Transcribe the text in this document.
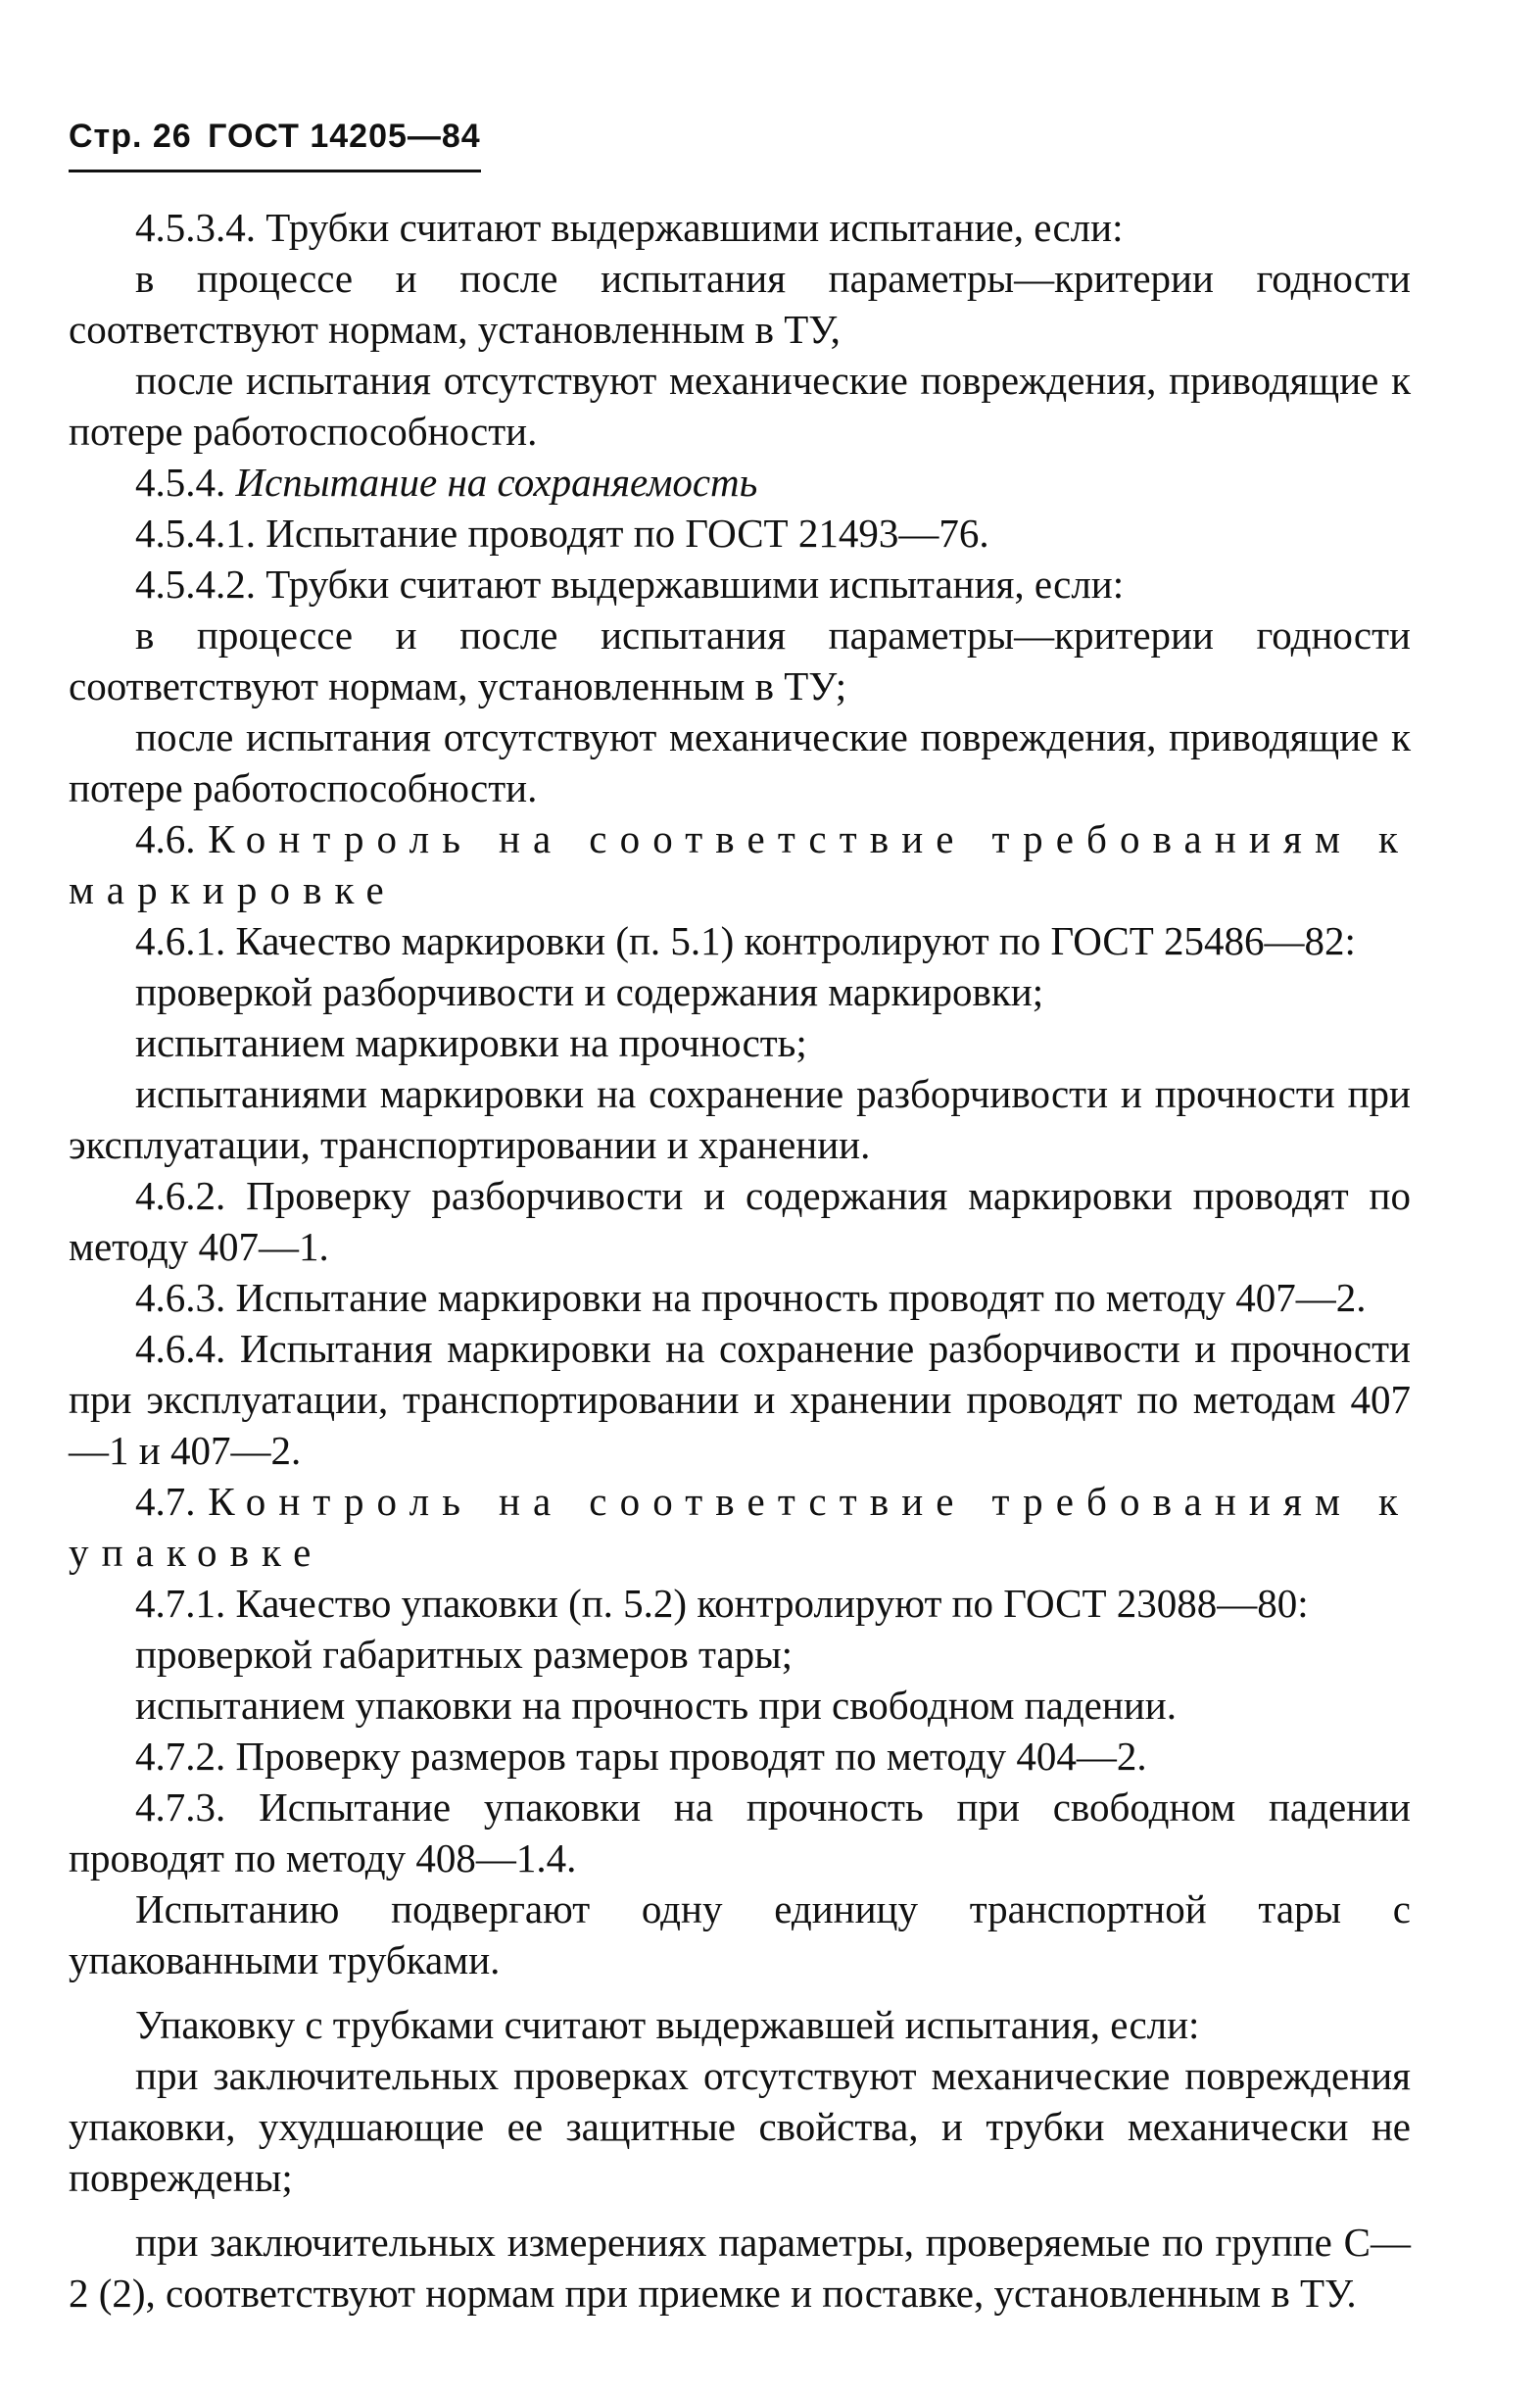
Стр. 26 ГОСТ 14205—84

4.5.3.4. Трубки считают выдержавшими испытание, если:

в процессе и после испытания параметры—критерии годности соответствуют нормам, установленным в ТУ,

после испытания отсутствуют механические повреждения, приводящие к потере работоспособности.

4.5.4. Испытание на сохраняемость

4.5.4.1. Испытание проводят по ГОСТ 21493—76.

4.5.4.2. Трубки считают выдержавшими испытания, если:

в процессе и после испытания параметры—критерии годности соответствуют нормам, установленным в ТУ;

после испытания отсутствуют механические повреждения, приводящие к потере работоспособности.

4.6. Контроль на соответствие требованиям к маркировке

4.6.1. Качество маркировки (п. 5.1) контролируют по ГОСТ 25486—82:

проверкой разборчивости и содержания маркировки;

испытанием маркировки на прочность;

испытаниями маркировки на сохранение разборчивости и прочности при эксплуатации, транспортировании и хранении.

4.6.2. Проверку разборчивости и содержания маркировки проводят по методу 407—1.

4.6.3. Испытание маркировки на прочность проводят по методу 407—2.

4.6.4. Испытания маркировки на сохранение разборчивости и прочности при эксплуатации, транспортировании и хранении проводят по методам 407—1 и 407—2.

4.7. Контроль на соответствие требованиям к упаковке

4.7.1. Качество упаковки (п. 5.2) контролируют по ГОСТ 23088—80:

проверкой габаритных размеров тары;

испытанием упаковки на прочность при свободном падении.

4.7.2. Проверку размеров тары проводят по методу 404—2.

4.7.3. Испытание упаковки на прочность при свободном падении проводят по методу 408—1.4.

Испытанию подвергают одну единицу транспортной тары с упакованными трубками.

Упаковку с трубками считают выдержавшей испытания, если:

при заключительных проверках отсутствуют механические повреждения упаковки, ухудшающие ее защитные свойства, и трубки механически не повреждены;

при заключительных измерениях параметры, проверяемые по группе С—2 (2), соответствуют нормам при приемке и поставке, установленным в ТУ.
